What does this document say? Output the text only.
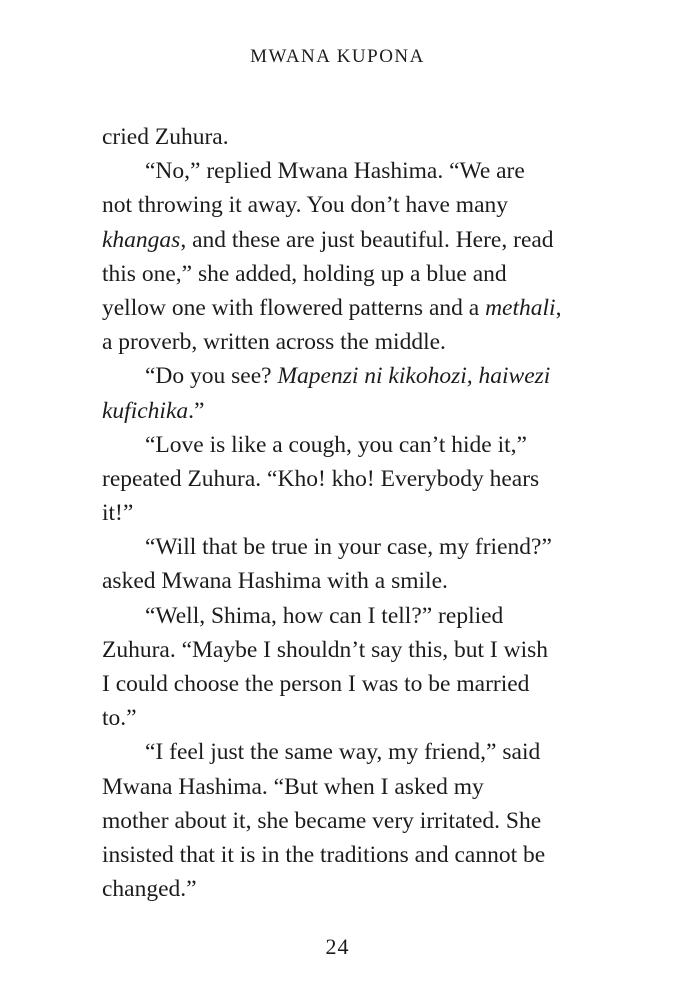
MWANA KUPONA
cried Zuhura.
“No,” replied Mwana Hashima. “We are
not throwing it away. You don’t have many
khangas, and these are just beautiful. Here, read
this one,” she added, holding up a blue and
yellow one with flowered patterns and a methali,
a proverb, written across the middle.
“Do you see? Mapenzi ni kikohozi, haiwezi
kufichika.”
“Love is like a cough, you can’t hide it,”
repeated Zuhura. “Kho! kho! Everybody hears
it!”
“Will that be true in your case, my friend?”
asked Mwana Hashima with a smile.
“Well, Shima, how can I tell?” replied
Zuhura. “Maybe I shouldn’t say this, but I wish
I could choose the person I was to be married
to.”
“I feel just the same way, my friend,” said
Mwana Hashima. “But when I asked my
mother about it, she became very irritated. She
insisted that it is in the traditions and cannot be
changed.”
24
